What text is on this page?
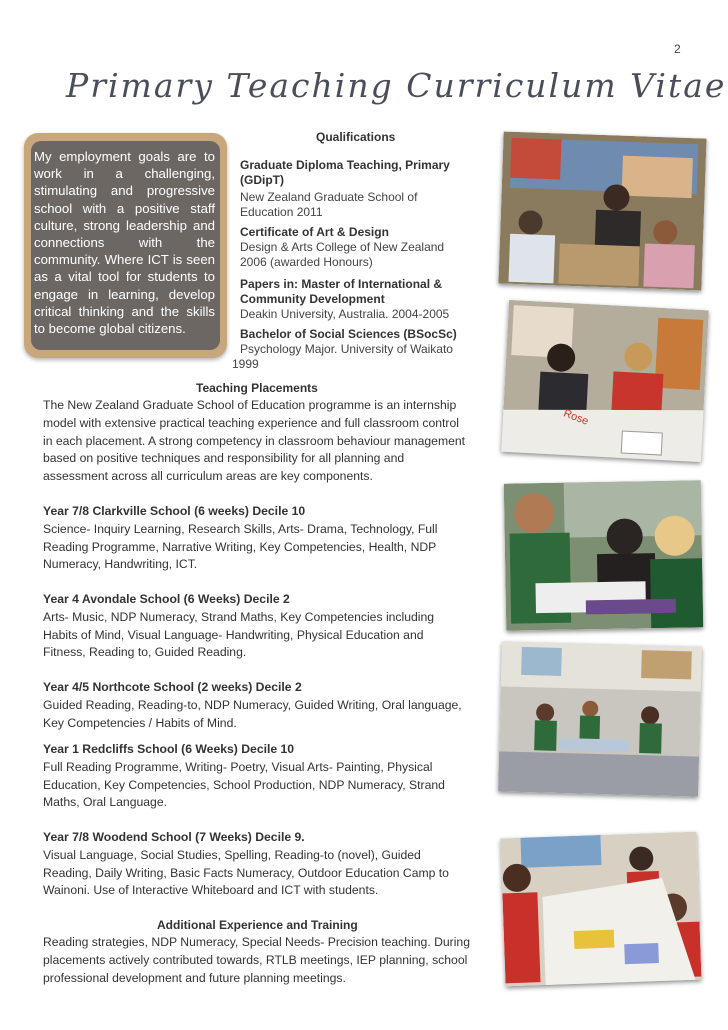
2
Primary Teaching Curriculum Vitae
My employment goals are to work in a challenging, stimulating and progressive school with a positive staff culture, strong leadership and connections with the community. Where ICT is seen as a vital tool for students to engage in learning, develop critical thinking and the skills to become global citizens.
Qualifications
Graduate Diploma Teaching, Primary (GDipT)
New Zealand Graduate School of Education 2011
Certificate of Art & Design
Design & Arts College of New Zealand 2006 (awarded Honours)
Papers in: Master of International & Community Development
Deakin University, Australia. 2004-2005
Bachelor of Social Sciences (BSocSc)
Psychology Major. University of Waikato
1999
Teaching Placements
The New Zealand Graduate School of Education programme is an internship model with extensive practical teaching experience and full classroom control in each placement. A strong competency in classroom behaviour management based on positive techniques and responsibility for all planning and assessment across all curriculum areas are key components.
Year 7/8 Clarkville School (6 weeks) Decile 10
Science- Inquiry Learning, Research Skills, Arts- Drama, Technology, Full Reading Programme, Narrative Writing, Key Competencies, Health, NDP Numeracy, Handwriting, ICT.
Year 4 Avondale School (6 Weeks) Decile 2
Arts- Music, NDP Numeracy, Strand Maths, Key Competencies including Habits of Mind, Visual Language- Handwriting, Physical Education and Fitness, Reading to, Guided Reading.
Year 4/5 Northcote School (2 weeks) Decile 2
Guided Reading, Reading-to, NDP Numeracy, Guided Writing, Oral language, Key Competencies / Habits of Mind.
Year 1 Redcliffs School (6 Weeks) Decile 10
Full Reading Programme, Writing- Poetry, Visual Arts- Painting, Physical Education, Key Competencies, School Production, NDP Numeracy, Strand Maths, Oral Language.
Year 7/8 Woodend School (7 Weeks) Decile 9.
Visual Language, Social Studies, Spelling, Reading-to (novel), Guided Reading, Daily Writing, Basic Facts Numeracy, Outdoor Education Camp to Wainoni. Use of Interactive Whiteboard and ICT with students.
Additional Experience and Training
Reading strategies, NDP Numeracy, Special Needs- Precision teaching. During placements actively contributed towards, RTLB meetings, IEP planning, school professional development and future planning meetings.
Rose
